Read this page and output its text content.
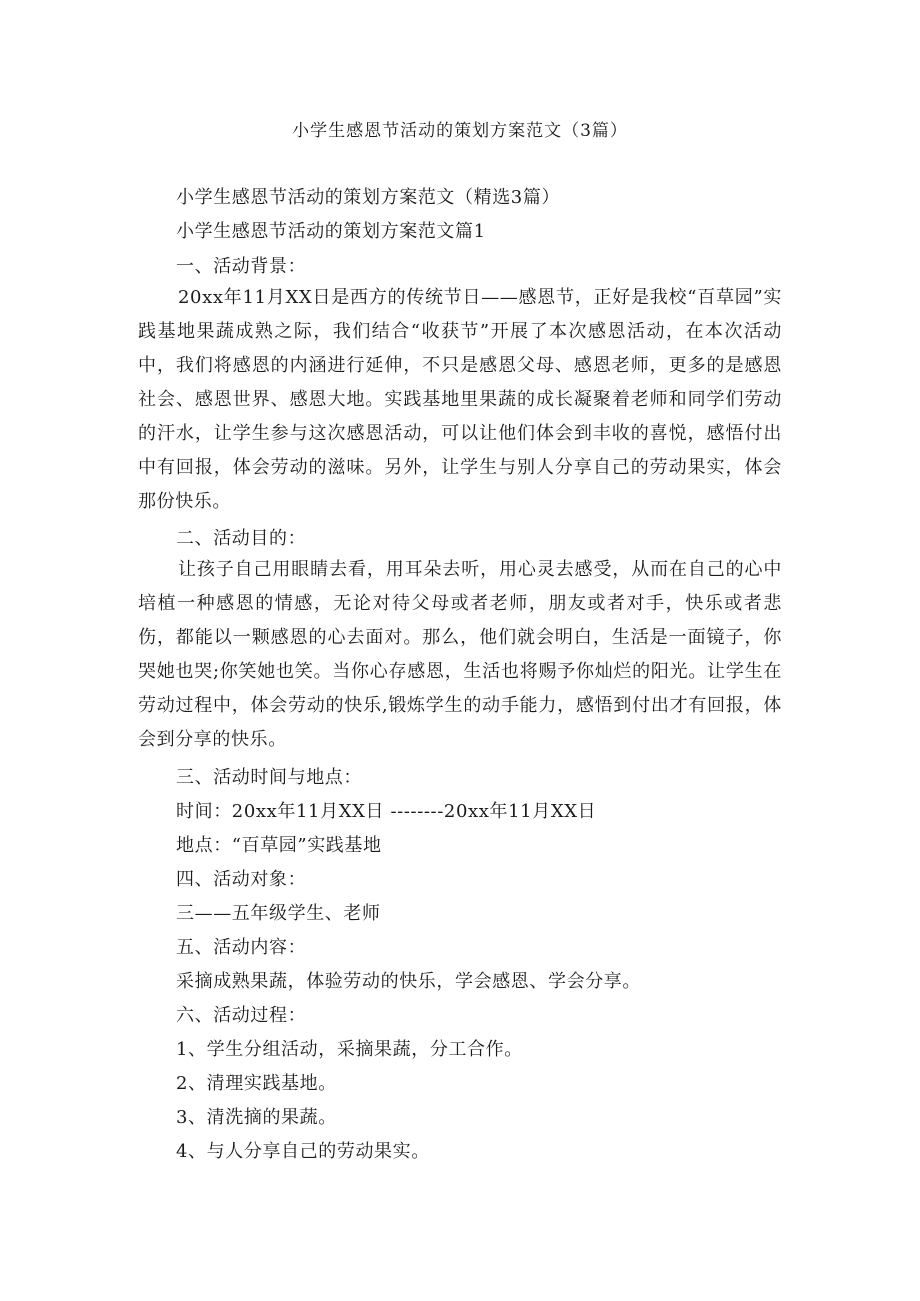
小学生感恩节活动的策划方案范文（3篇）
小学生感恩节活动的策划方案范文（精选3篇）
小学生感恩节活动的策划方案范文篇1
一、活动背景：
20xx年11月XX日是西方的传统节日——感恩节，正好是我校“百草园”实践基地果蔬成熟之际，我们结合“收获节”开展了本次感恩活动，在本次活动中，我们将感恩的内涵进行延伸，不只是感恩父母、感恩老师，更多的是感恩社会、感恩世界、感恩大地。实践基地里果蔬的成长凝聚着老师和同学们劳动的汗水，让学生参与这次感恩活动，可以让他们体会到丰收的喜悦，感悟付出中有回报，体会劳动的滋味。另外，让学生与别人分享自己的劳动果实，体会那份快乐。
二、活动目的：
让孩子自己用眼睛去看，用耳朵去听，用心灵去感受，从而在自己的心中培植一种感恩的情感，无论对待父母或者老师，朋友或者对手，快乐或者悲伤，都能以一颗感恩的心去面对。那么，他们就会明白，生活是一面镜子，你哭她也哭;你笑她也笑。当你心存感恩，生活也将赐予你灿烂的阳光。让学生在劳动过程中，体会劳动的快乐,锻炼学生的动手能力，感悟到付出才有回报，体会到分享的快乐。
三、活动时间与地点：
时间：20xx年11月XX日 --------20xx年11月XX日
地点：“百草园”实践基地
四、活动对象：
三——五年级学生、老师
五、活动内容：
采摘成熟果蔬，体验劳动的快乐，学会感恩、学会分享。
六、活动过程：
1、学生分组活动，采摘果蔬，分工合作。
2、清理实践基地。
3、清洗摘的果蔬。
4、与人分享自己的劳动果实。
